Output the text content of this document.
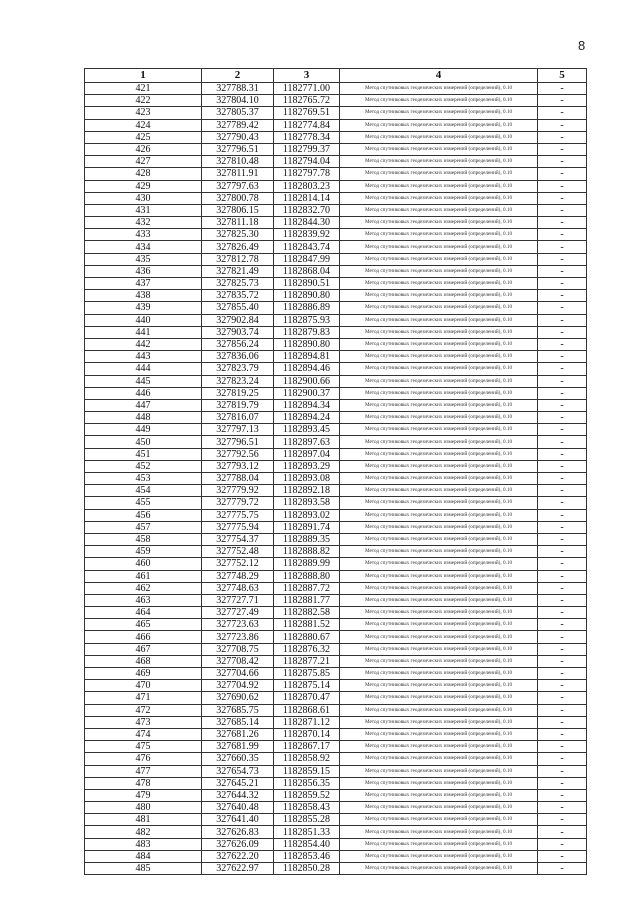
8
1	2	3	4	5
421	327788.31	1182771.00	Метод спутниковых геодезических измерений (определений), 0.10	-
422	327804.10	1182765.72	Метод спутниковых геодезических измерений (определений), 0.10	-
423	327805.37	1182769.51	Метод спутниковых геодезических измерений (определений), 0.10	-
424	327789.42	1182774.84	Метод спутниковых геодезических измерений (определений), 0.10	-
425	327790.43	1182778.34	Метод спутниковых геодезических измерений (определений), 0.10	-
426	327796.51	1182799.37	Метод спутниковых геодезических измерений (определений), 0.10	-
427	327810.48	1182794.04	Метод спутниковых геодезических измерений (определений), 0.10	-
428	327811.91	1182797.78	Метод спутниковых геодезических измерений (определений), 0.10	-
429	327797.63	1182803.23	Метод спутниковых геодезических измерений (определений), 0.10	-
430	327800.78	1182814.14	Метод спутниковых геодезических измерений (определений), 0.10	-
431	327806.15	1182832.70	Метод спутниковых геодезических измерений (определений), 0.10	-
432	327811.18	1182844.30	Метод спутниковых геодезических измерений (определений), 0.10	-
433	327825.30	1182839.92	Метод спутниковых геодезических измерений (определений), 0.10	-
434	327826.49	1182843.74	Метод спутниковых геодезических измерений (определений), 0.10	-
435	327812.78	1182847.99	Метод спутниковых геодезических измерений (определений), 0.10	-
436	327821.49	1182868.04	Метод спутниковых геодезических измерений (определений), 0.10	-
437	327825.73	1182890.51	Метод спутниковых геодезических измерений (определений), 0.10	-
438	327835.72	1182890.80	Метод спутниковых геодезических измерений (определений), 0.10	-
439	327855.40	1182886.89	Метод спутниковых геодезических измерений (определений), 0.10	-
440	327902.84	1182875.93	Метод спутниковых геодезических измерений (определений), 0.10	-
441	327903.74	1182879.83	Метод спутниковых геодезических измерений (определений), 0.10	-
442	327856.24	1182890.80	Метод спутниковых геодезических измерений (определений), 0.10	-
443	327836.06	1182894.81	Метод спутниковых геодезических измерений (определений), 0.10	-
444	327823.79	1182894.46	Метод спутниковых геодезических измерений (определений), 0.10	-
445	327823.24	1182900.66	Метод спутниковых геодезических измерений (определений), 0.10	-
446	327819.25	1182900.37	Метод спутниковых геодезических измерений (определений), 0.10	-
447	327819.79	1182894.34	Метод спутниковых геодезических измерений (определений), 0.10	-
448	327816.07	1182894.24	Метод спутниковых геодезических измерений (определений), 0.10	-
449	327797.13	1182893.45	Метод спутниковых геодезических измерений (определений), 0.10	-
450	327796.51	1182897.63	Метод спутниковых геодезических измерений (определений), 0.10	-
451	327792.56	1182897.04	Метод спутниковых геодезических измерений (определений), 0.10	-
452	327793.12	1182893.29	Метод спутниковых геодезических измерений (определений), 0.10	-
453	327788.04	1182893.08	Метод спутниковых геодезических измерений (определений), 0.10	-
454	327779.92	1182892.18	Метод спутниковых геодезических измерений (определений), 0.10	-
455	327779.72	1182893.58	Метод спутниковых геодезических измерений (определений), 0.10	-
456	327775.75	1182893.02	Метод спутниковых геодезических измерений (определений), 0.10	-
457	327775.94	1182891.74	Метод спутниковых геодезических измерений (определений), 0.10	-
458	327754.37	1182889.35	Метод спутниковых геодезических измерений (определений), 0.10	-
459	327752.48	1182888.82	Метод спутниковых геодезических измерений (определений), 0.10	-
460	327752.12	1182889.99	Метод спутниковых геодезических измерений (определений), 0.10	-
461	327748.29	1182888.80	Метод спутниковых геодезических измерений (определений), 0.10	-
462	327748.63	1182887.72	Метод спутниковых геодезических измерений (определений), 0.10	-
463	327727.71	1182881.77	Метод спутниковых геодезических измерений (определений), 0.10	-
464	327727.49	1182882.58	Метод спутниковых геодезических измерений (определений), 0.10	-
465	327723.63	1182881.52	Метод спутниковых геодезических измерений (определений), 0.10	-
466	327723.86	1182880.67	Метод спутниковых геодезических измерений (определений), 0.10	-
467	327708.75	1182876.32	Метод спутниковых геодезических измерений (определений), 0.10	-
468	327708.42	1182877.21	Метод спутниковых геодезических измерений (определений), 0.10	-
469	327704.66	1182875.85	Метод спутниковых геодезических измерений (определений), 0.10	-
470	327704.92	1182875.14	Метод спутниковых геодезических измерений (определений), 0.10	-
471	327690.62	1182870.47	Метод спутниковых геодезических измерений (определений), 0.10	-
472	327685.75	1182868.61	Метод спутниковых геодезических измерений (определений), 0.10	-
473	327685.14	1182871.12	Метод спутниковых геодезических измерений (определений), 0.10	-
474	327681.26	1182870.14	Метод спутниковых геодезических измерений (определений), 0.10	-
475	327681.99	1182867.17	Метод спутниковых геодезических измерений (определений), 0.10	-
476	327660.35	1182858.92	Метод спутниковых геодезических измерений (определений), 0.10	-
477	327654.73	1182859.15	Метод спутниковых геодезических измерений (определений), 0.10	-
478	327645.21	1182856.35	Метод спутниковых геодезических измерений (определений), 0.10	-
479	327644.32	1182859.52	Метод спутниковых геодезических измерений (определений), 0.10	-
480	327640.48	1182858.43	Метод спутниковых геодезических измерений (определений), 0.10	-
481	327641.40	1182855.28	Метод спутниковых геодезических измерений (определений), 0.10	-
482	327626.83	1182851.33	Метод спутниковых геодезических измерений (определений), 0.10	-
483	327626.09	1182854.40	Метод спутниковых геодезических измерений (определений), 0.10	-
484	327622.20	1182853.46	Метод спутниковых геодезических измерений (определений), 0.10	-
485	327622.97	1182850.28	Метод спутниковых геодезических измерений (определений), 0.10	-
